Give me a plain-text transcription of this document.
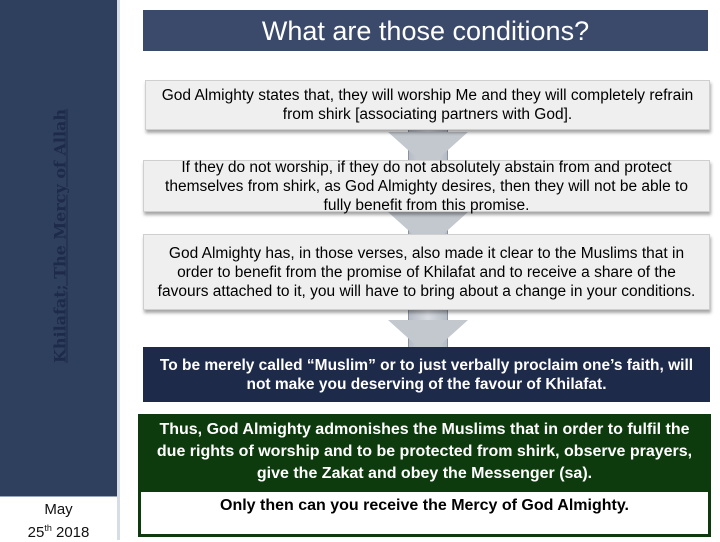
Khilafat; The Mercy of Allah
May
25th 2018
What are those conditions?
God Almighty states that, they will worship Me and they will completely refrain from shirk [associating partners with God].
If they do not worship, if they do not absolutely abstain from and protect themselves from shirk, as God Almighty desires, then they will not be able to fully benefit from this promise.
God Almighty has, in those verses, also made it clear to the Muslims that in order to benefit from the promise of Khilafat and to receive a share of the favours attached to it, you will have to bring about a change in your conditions.
To be merely called “Muslim” or to just verbally proclaim one’s faith, will not make you deserving of the favour of Khilafat.
Thus, God Almighty admonishes the Muslims that in order to fulfil the due rights of worship and to be protected from shirk, observe prayers, give the Zakat and obey the Messenger (sa).
Only then can you receive the Mercy of God Almighty.
